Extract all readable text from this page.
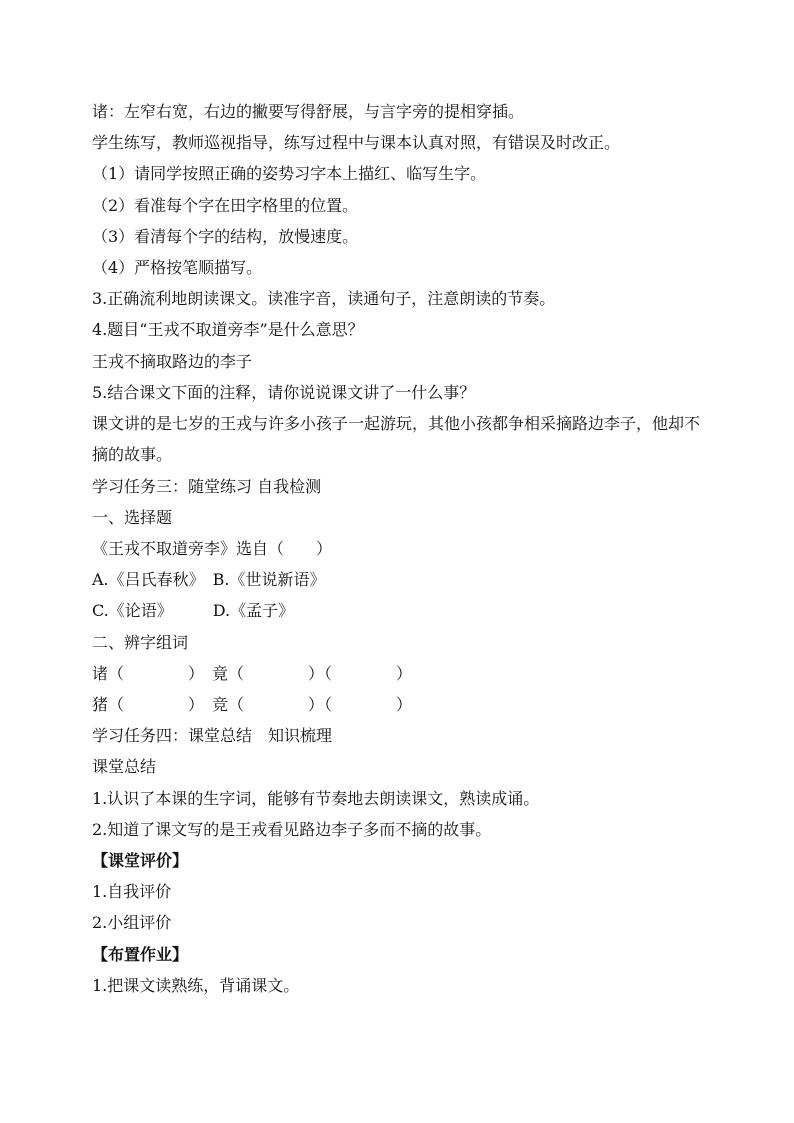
诸：左窄右宽，右边的撇要写得舒展，与言字旁的提相穿插。
学生练写，教师巡视指导，练写过程中与课本认真对照，有错误及时改正。
（1）请同学按照正确的姿势习字本上描红、临写生字。
（2）看准每个字在田字格里的位置。
（3）看清每个字的结构，放慢速度。
（4）严格按笔顺描写。
3.正确流利地朗读课文。读准字音，读通句子，注意朗读的节奏。
4.题目“王戎不取道旁李”是什么意思？
王戎不摘取路边的李子
5.结合课文下面的注释，请你说说课文讲了一什么事？
课文讲的是七岁的王戎与许多小孩子一起游玩，其他小孩都争相采摘路边李子，他却不摘的故事。
学习任务三：随堂练习 自我检测
一、选择题
《王戎不取道旁李》选自（　　）
A.《吕氏春秋》　B.《世说新语》
C.《论语》　　　D.《孟子》
二、辨字组词
诸（　　　　）　竟（　　　　）（　　　　）
猪（　　　　）　竞（　　　　）（　　　　）
学习任务四：课堂总结　知识梳理
课堂总结
1.认识了本课的生字词，能够有节奏地去朗读课文，熟读成诵。
2.知道了课文写的是王戎看见路边李子多而不摘的故事。
【课堂评价】
1.自我评价
2.小组评价
【布置作业】
1.把课文读熟练，背诵课文。
